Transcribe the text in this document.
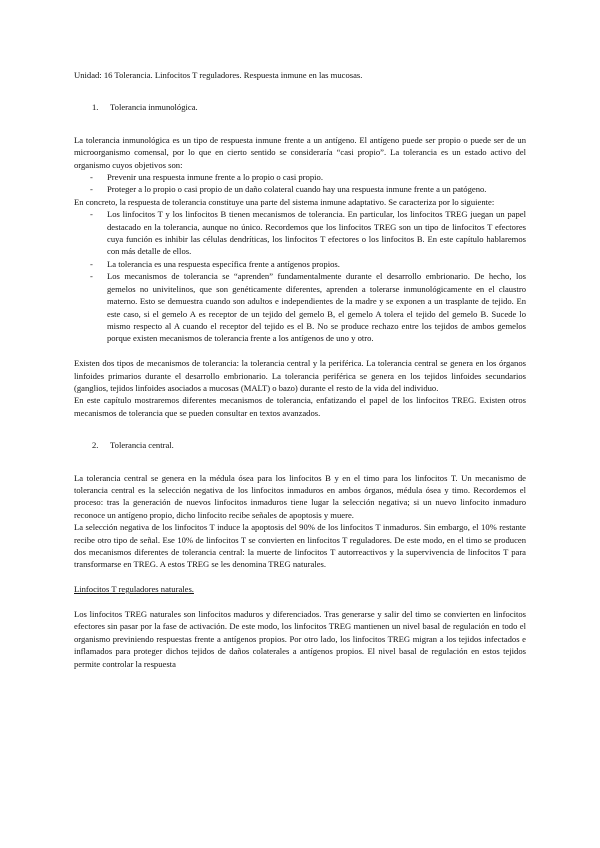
Unidad: 16 Tolerancia. Linfocitos T reguladores. Respuesta inmune en las mucosas.

1. Tolerancia inmunológica.

La tolerancia inmunológica es un tipo de respuesta inmune frente a un antígeno. El antígeno puede ser propio o puede ser de un microorganismo comensal, por lo que en cierto sentido se consideraría “casi propio”. La tolerancia es un estado activo del organismo cuyos objetivos son:

- Prevenir una respuesta inmune frente a lo propio o casi propio.
- Proteger a lo propio o casi propio de un daño colateral cuando hay una respuesta inmune frente a un patógeno.

En concreto, la respuesta de tolerancia constituye una parte del sistema inmune adaptativo. Se caracteriza por lo siguiente:

- Los linfocitos T y los linfocitos B tienen mecanismos de tolerancia. En particular, los linfocitos TREG juegan un papel destacado en la tolerancia, aunque no único. Recordemos que los linfocitos TREG son un tipo de linfocitos T efectores cuya función es inhibir las células dendríticas, los linfocitos T efectores o los linfocitos B. En este capítulo hablaremos con más detalle de ellos.
- La tolerancia es una respuesta específica frente a antígenos propios.
- Los mecanismos de tolerancia se “aprenden” fundamentalmente durante el desarrollo embrionario. De hecho, los gemelos no univitelinos, que son genéticamente diferentes, aprenden a tolerarse inmunológicamente en el claustro materno. Esto se demuestra cuando son adultos e independientes de la madre y se exponen a un trasplante de tejido. En este caso, si el gemelo A es receptor de un tejido del gemelo B, el gemelo A tolera el tejido del gemelo B. Sucede lo mismo respecto al A cuando el receptor del tejido es el B. No se produce rechazo entre los tejidos de ambos gemelos porque existen mecanismos de tolerancia frente a los antígenos de uno y otro.

Existen dos tipos de mecanismos de tolerancia: la tolerancia central y la periférica. La tolerancia central se genera en los órganos linfoides primarios durante el desarrollo embrionario. La tolerancia periférica se genera en los tejidos linfoides secundarios (ganglios, tejidos linfoides asociados a mucosas (MALT) o bazo) durante el resto de la vida del individuo.

En este capítulo mostraremos diferentes mecanismos de tolerancia, enfatizando el papel de los linfocitos TREG. Existen otros mecanismos de tolerancia que se pueden consultar en textos avanzados.

2. Tolerancia central.

La tolerancia central se genera en la médula ósea para los linfocitos B y en el timo para los linfocitos T. Un mecanismo de tolerancia central es la selección negativa de los linfocitos inmaduros en ambos órganos, médula ósea y timo. Recordemos el proceso: tras la generación de nuevos linfocitos inmaduros tiene lugar la selección negativa; si un nuevo linfocito inmaduro reconoce un antígeno propio, dicho linfocito recibe señales de apoptosis y muere.

La selección negativa de los linfocitos T induce la apoptosis del 90% de los linfocitos T inmaduros. Sin embargo, el 10% restante recibe otro tipo de señal. Ese 10% de linfocitos T se convierten en linfocitos T reguladores. De este modo, en el timo se producen dos mecanismos diferentes de tolerancia central: la muerte de linfocitos T autorreactivos y la supervivencia de linfocitos T para transformarse en TREG. A estos TREG se les denomina TREG naturales.

Linfocitos T reguladores naturales.

Los linfocitos TREG naturales son linfocitos maduros y diferenciados. Tras generarse y salir del timo se convierten en linfocitos efectores sin pasar por la fase de activación. De este modo, los linfocitos TREG mantienen un nivel basal de regulación en todo el organismo previniendo respuestas frente a antígenos propios. Por otro lado, los linfocitos TREG migran a los tejidos infectados e inflamados para proteger dichos tejidos de daños colaterales a antígenos propios. El nivel basal de regulación en estos tejidos permite controlar la respuesta
